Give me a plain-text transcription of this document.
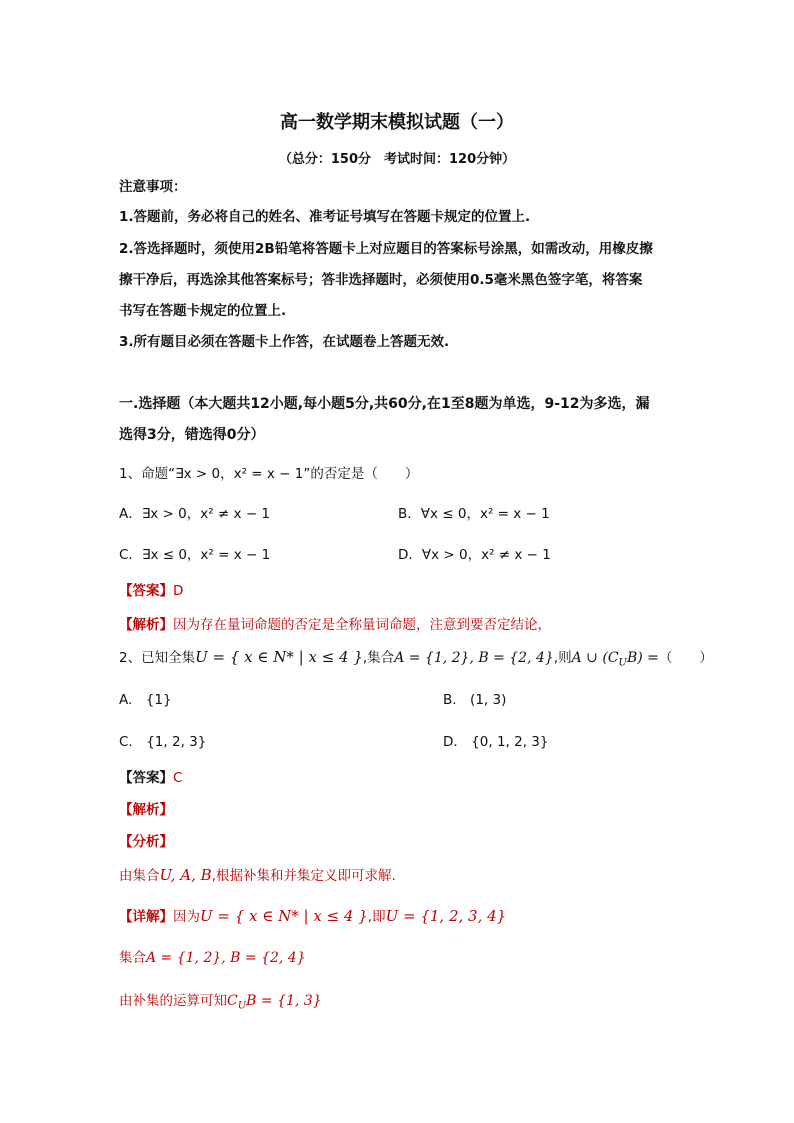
高一数学期末模拟试题（一）
（总分：150分　考试时间：120分钟）
注意事项：
1.答题前，务必将自己的姓名、准考证号填写在答题卡规定的位置上.
2.答选择题时，须使用2B铅笔将答题卡上对应题目的答案标号涂黑，如需改动，用橡皮擦
擦干净后，再选涂其他答案标号；答非选择题时，必须使用0.5毫米黑色签字笔，将答案
书写在答题卡规定的位置上.
3.所有题目必须在答题卡上作答，在试题卷上答题无效.
一.选择题（本大题共12小题,每小题5分,共60分,在1至8题为单选，9-12为多选，漏
选得3分，错选得0分）
1、命题“∃x > 0，x² = x − 1”的否定是（　　）
A．∃x > 0，x² ≠ x − 1	B．∀x ≤ 0，x² = x − 1
C．∃x ≤ 0，x² = x − 1	D．∀x > 0，x² ≠ x − 1
【答案】D
【解析】因为存在量词命题的否定是全称量词命题，注意到要否定结论，
2、已知全集U = { x ∈ N* | x ≤ 4 },集合A = {1, 2}, B = {2, 4},则A ∪ $(C_UB)$ =（　　）
A.　{1}	B.　(1, 3)
C.　{1, 2, 3}	D.　{0, 1, 2, 3}
【答案】C
【解析】
【分析】
由集合U, A, B,根据补集和并集定义即可求解.
【详解】因为U = { x ∈ N* | x ≤ 4 },即U = {1, 2, 3, 4}
集合A = {1, 2}, B = {2, 4}
由补集的运算可知$C_UB = \{1$, 3}
